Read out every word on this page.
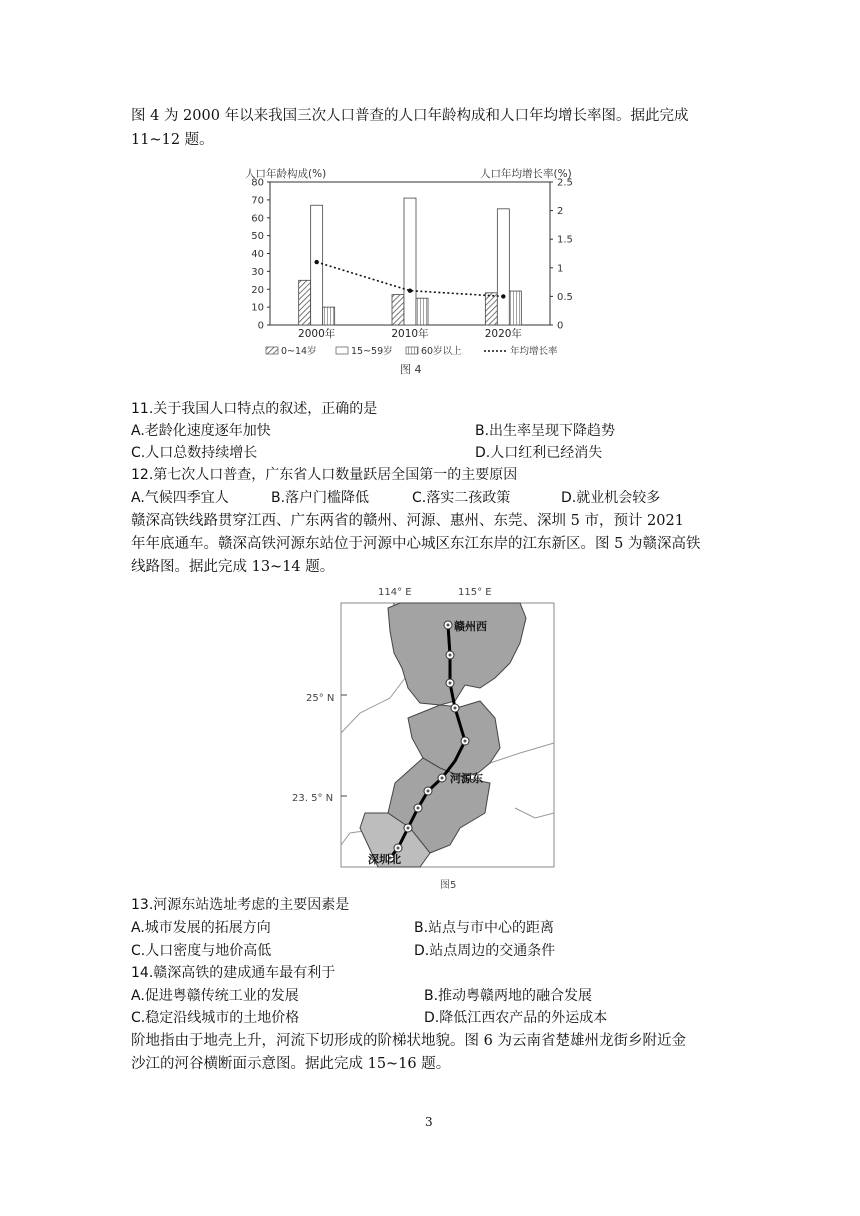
图 4 为 2000 年以来我国三次人口普查的人口年龄构成和人口年均增长率图。据此完成
11~12 题。
人口年龄构成(%)	人口年均增长率(%)
0
10
20
30
40
50
60
70
80
0
0.5
1
1.5
2
2.5
2000年	2010年	2020年
0~14岁	15~59岁	60岁以上	年均增长率
图 4
11.关于我国人口特点的叙述，正确的是
A.老龄化速度逐年加快	B.出生率呈现下降趋势
C.人口总数持续增长	D.人口红利已经消失
12.第七次人口普查，广东省人口数量跃居全国第一的主要原因
A.气候四季宜人	B.落户门槛降低	C.落实二孩政策	D.就业机会较多
赣深高铁线路贯穿江西、广东两省的赣州、河源、惠州、东莞、深圳 5 市，预计 2021
年年底通车。赣深高铁河源东站位于河源中心城区东江东岸的江东新区。图 5 为赣深高铁
线路图。据此完成 13~14 题。
114° E	115° E
25° N
23. 5° N
赣州西
河源东
深圳北
图5
13.河源东站选址考虑的主要因素是
A.城市发展的拓展方向	B.站点与市中心的距离
C.人口密度与地价高低	D.站点周边的交通条件
14.赣深高铁的建成通车最有利于
A.促进粤赣传统工业的发展	B.推动粤赣两地的融合发展
C.稳定沿线城市的土地价格	D.降低江西农产品的外运成本
阶地指由于地壳上升，河流下切形成的阶梯状地貌。图 6 为云南省楚雄州龙街乡附近金
沙江的河谷横断面示意图。据此完成 15~16 题。
3
